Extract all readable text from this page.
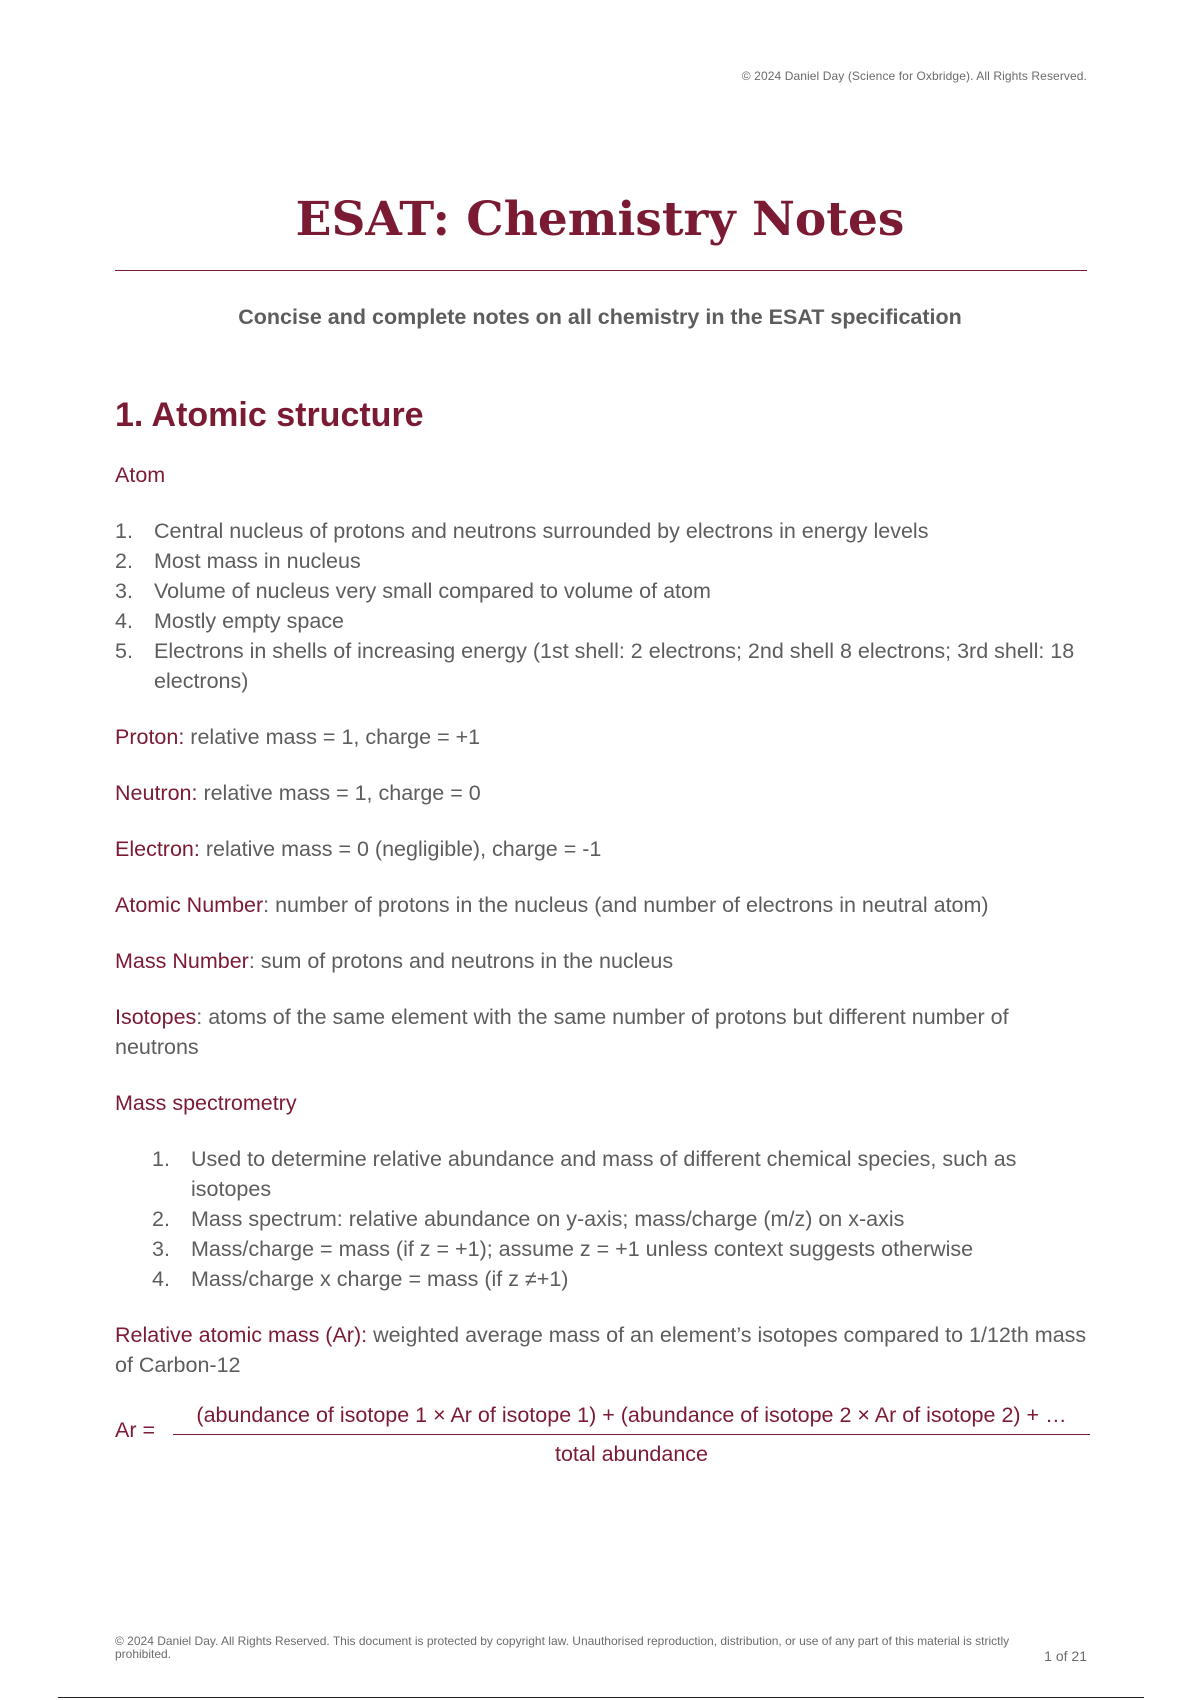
© 2024 Daniel Day (Science for Oxbridge). All Rights Reserved.
ESAT: Chemistry Notes
Concise and complete notes on all chemistry in the ESAT specification
1. Atomic structure
Atom
1. Central nucleus of protons and neutrons surrounded by electrons in energy levels
2. Most mass in nucleus
3. Volume of nucleus very small compared to volume of atom
4. Mostly empty space
5. Electrons in shells of increasing energy (1st shell: 2 electrons; 2nd shell 8 electrons; 3rd shell: 18 electrons)

Proton: relative mass = 1, charge = +1

Neutron: relative mass = 1, charge = 0

Electron: relative mass = 0 (negligible), charge = -1

Atomic Number: number of protons in the nucleus (and number of electrons in neutral atom)

Mass Number: sum of protons and neutrons in the nucleus

Isotopes: atoms of the same element with the same number of protons but different number of neutrons

Mass spectrometry
1. Used to determine relative abundance and mass of different chemical species, such as isotopes
2. Mass spectrum: relative abundance on y-axis; mass/charge (m/z) on x-axis
3. Mass/charge = mass (if z = +1); assume z = +1 unless context suggests otherwise
4. Mass/charge x charge = mass (if z ≠+1)

Relative atomic mass (Ar): weighted average mass of an element’s isotopes compared to 1/12th mass of Carbon-12

Ar =
(abundance of isotope 1 × Ar of isotope 1) + (abundance of isotope 2 × Ar of isotope 2) + …
total abundance
© 2024 Daniel Day. All Rights Reserved. This document is protected by copyright law. Unauthorised reproduction, distribution, or use of any part of this material is strictly prohibited.	1 of 21
